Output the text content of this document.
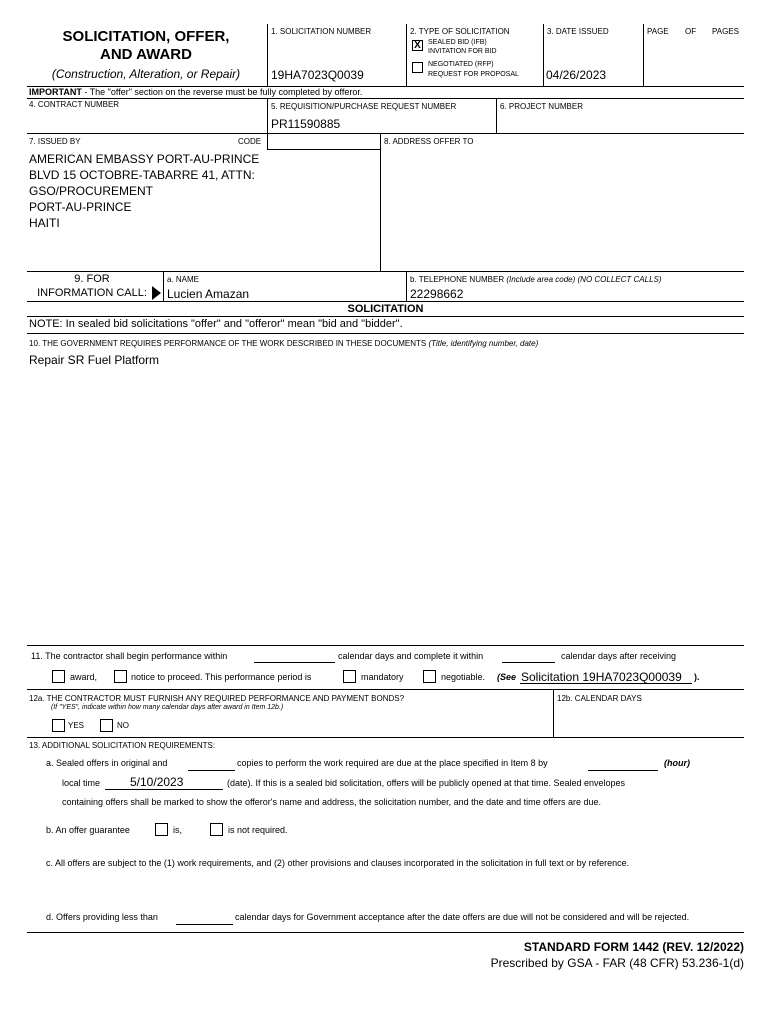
SOLICITATION, OFFER,
AND AWARD
(Construction, Alteration, or Repair)
1. SOLICITATION NUMBER
19HA7023Q0039
2. TYPE OF SOLICITATION
X	SEALED BID (IFB)
INVITATION FOR BID
NEGOTIATED (RFP)
REQUEST FOR PROPOSAL
3. DATE ISSUED
04/26/2023
PAGE OF PAGES
IMPORTANT - The "offer" section on the reverse must be fully completed by offeror.
4. CONTRACT NUMBER	5. REQUISITION/PURCHASE REQUEST NUMBER
PR11590885
6. PROJECT NUMBER
7. ISSUED BY	CODE
AMERICAN EMBASSY PORT-AU-PRINCE
BLVD 15 OCTOBRE-TABARRE 41, ATTN:
GSO/PROCUREMENT
PORT-AU-PRINCE
HAITI
8. ADDRESS OFFER TO
9. FOR
INFORMATION CALL:
a. NAME
Lucien Amazan
b. TELEPHONE NUMBER (Include area code) (NO COLLECT CALLS)
22298662
SOLICITATION
NOTE: In sealed bid solicitations "offer" and "offeror" mean "bid and "bidder".
10. THE GOVERNMENT REQUIRES PERFORMANCE OF THE WORK DESCRIBED IN THESE DOCUMENTS (Title, identifying number, date)
Repair SR Fuel Platform
11. The contractor shall begin performance within	calendar days and complete it within	calendar days after receiving
award,	notice to proceed. This performance period is	mandatory	negotiable. (See Solicitation 19HA7023Q00039 ).
12a. THE CONTRACTOR MUST FURNISH ANY REQUIRED PERFORMANCE AND PAYMENT BONDS?
(If "YES", indicate within how many calendar days after award in Item 12b.)
YES	NO
12b. CALENDAR DAYS
13. ADDITIONAL SOLICITATION REQUIREMENTS:
a. Sealed offers in original and	copies to perform the work required are due at the place specified in Item 8 by	(hour)
local time 5/10/2023	(date). If this is a sealed bid solicitation, offers will be publicly opened at that time. Sealed envelopes
containing offers shall be marked to show the offeror's name and address, the solicitation number, and the date and time offers are due.
b. An offer guarantee	is,	is not required.
c. All offers are subject to the (1) work requirements, and (2) other provisions and clauses incorporated in the solicitation in full text or by reference.
d. Offers providing less than	calendar days for Government acceptance after the date offers are due will not be considered and will be rejected.
STANDARD FORM 1442 (REV. 12/2022)
Prescribed by GSA - FAR (48 CFR) 53.236-1(d)
